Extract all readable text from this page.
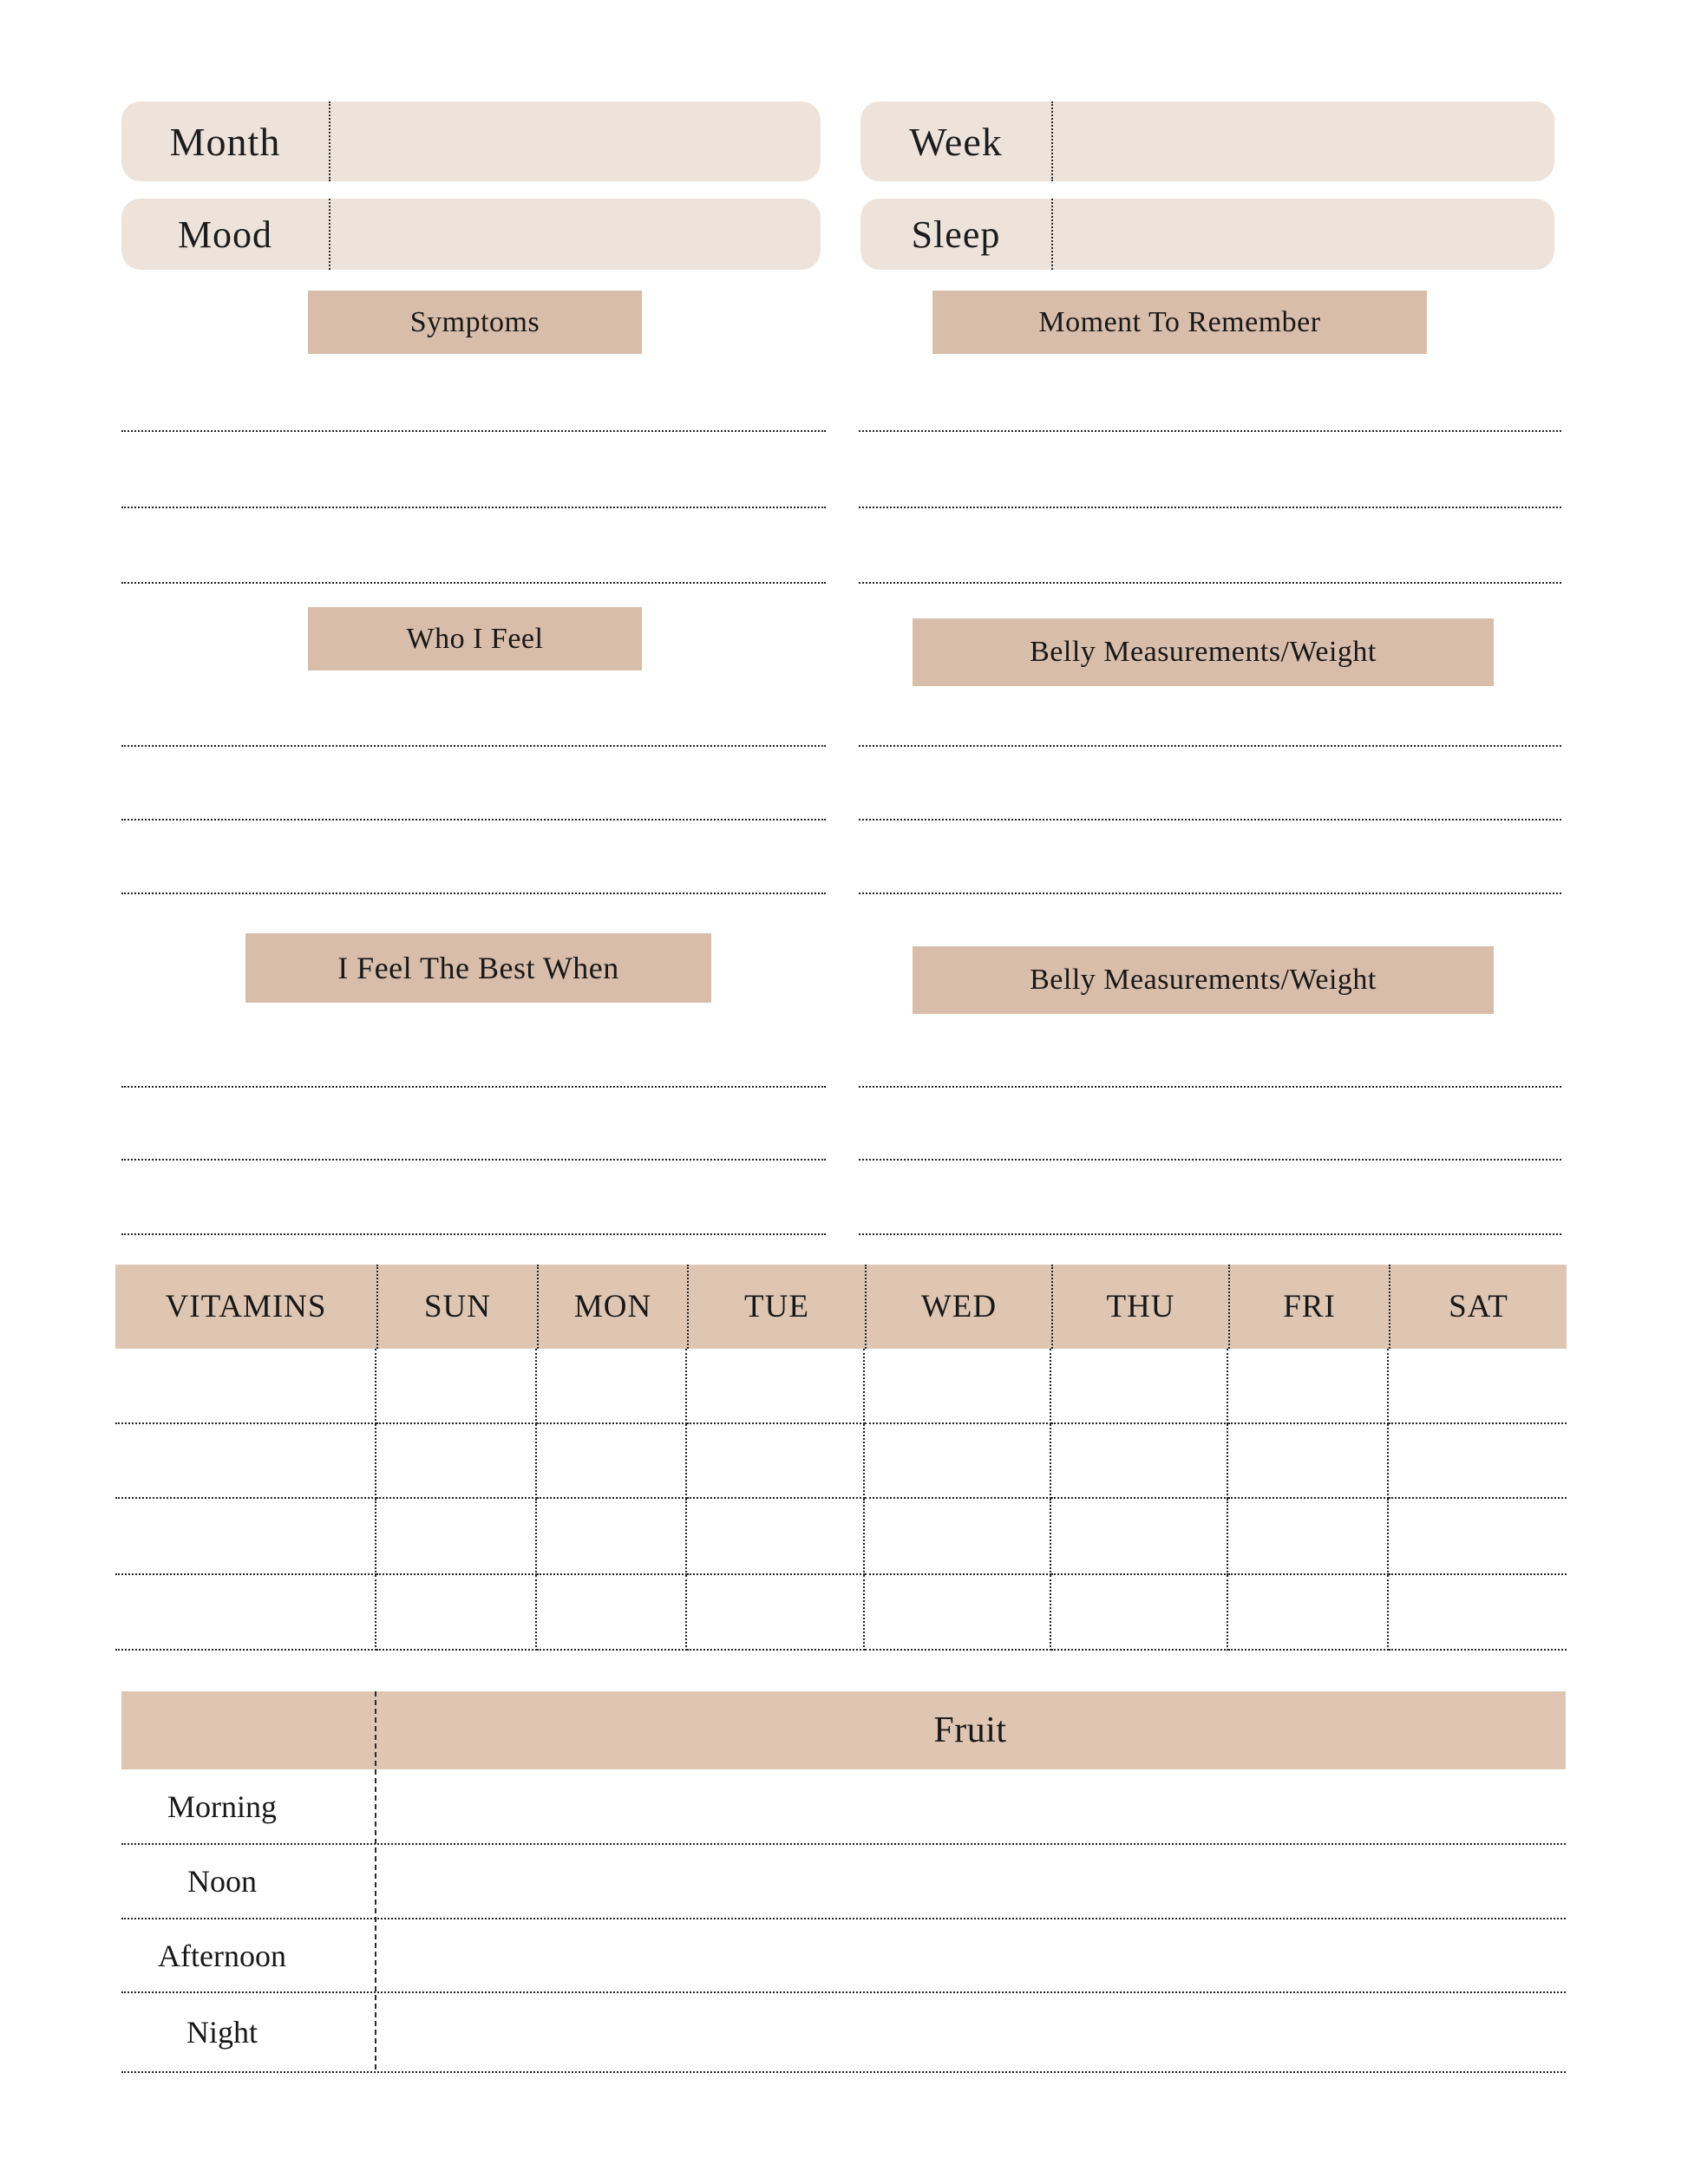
Month	Week
Mood	Sleep
Symptoms	Moment To Remember
Who I Feel	Belly Measurements/Weight
I Feel The Best When	Belly Measurements/Weight
VITAMINS	SUN	MON	TUE	WED	THU	FRI	SAT
Fruit
Morning
Noon
Afternoon
Night
